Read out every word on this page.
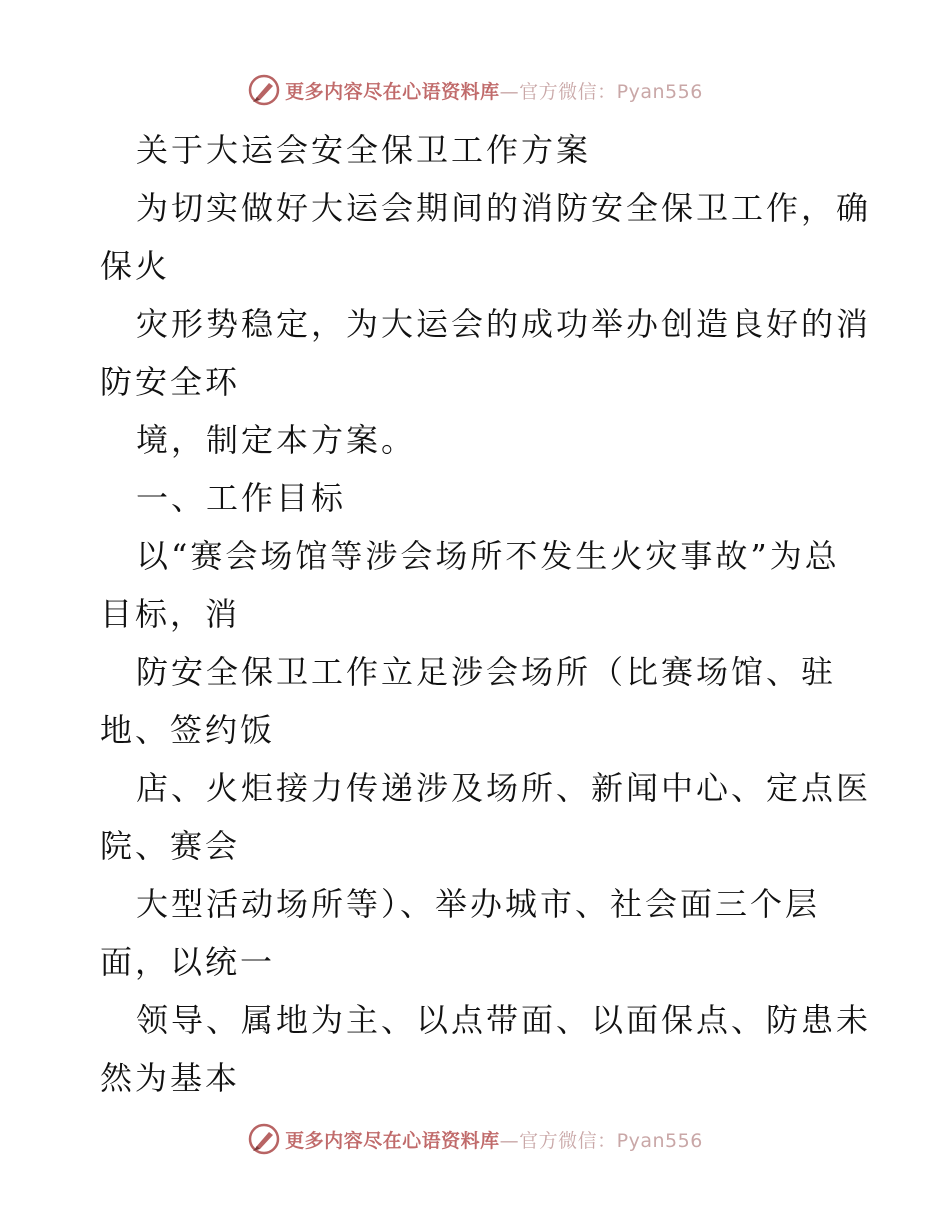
更多内容尽在心语资料库—官方微信：Pyan556
关于大运会安全保卫工作方案
为切实做好大运会期间的消防安全保卫工作，确
保火
灾形势稳定，为大运会的成功举办创造良好的消
防安全环
境，制定本方案。
一、工作目标
以“赛会场馆等涉会场所不发生火灾事故”为总
目标，消
防安全保卫工作立足涉会场所（比赛场馆、驻
地、签约饭
店、火炬接力传递涉及场所、新闻中心、定点医
院、赛会
大型活动场所等）、举办城市、社会面三个层
面，以统一
领导、属地为主、以点带面、以面保点、防患未
然为基本
更多内容尽在心语资料库—官方微信：Pyan556
